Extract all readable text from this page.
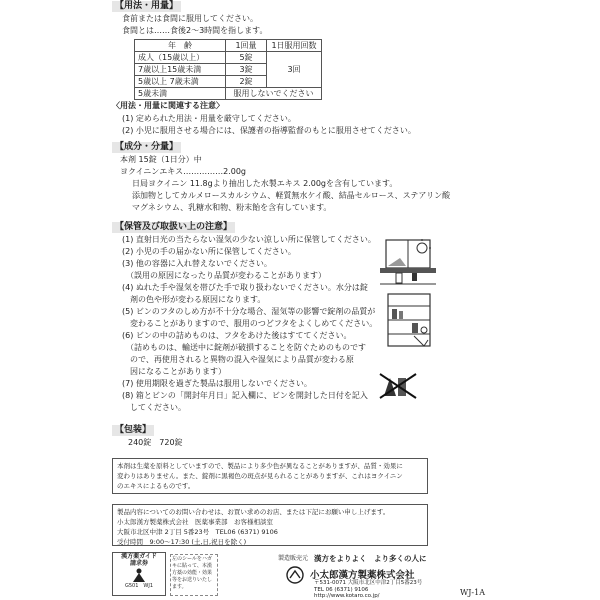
【用法・用量】
食前または食間に服用してください。
食間とは……食後2～3時間を指します。
年　齢	1回量	1日服用回数
成人（15歳以上）	5錠	3回
7歳以上15歳未満	3錠	
5歳以上 7歳未満	2錠	
5歳未満	服用しないでください	
〈用法・用量に関連する注意〉
(1) 定められた用法・用量を厳守してください。
(2) 小児に服用させる場合には、保護者の指導監督のもとに服用させてください。
【成分・分量】
本剤 15錠（1日分）中
ヨクイニンエキス……………2.00g
日局ヨクイニン 11.8gより抽出した水製エキス 2.00gを含有しています。
添加物としてカルメロースカルシウム、軽質無水ケイ酸、結晶セルロース、ステアリン酸
マグネシウム、乳糖水和物、粉末飴を含有しています。
【保管及び取扱い上の注意】
(1) 直射日光の当たらない湿気の少ない涼しい所に保管してください。
(2) 小児の手の届かない所に保管してください。
(3) 他の容器に入れ替えないでください。
　（誤用の原因になったり品質が変わることがあります）
(4) ぬれた手や湿気を帯びた手で取り扱わないでください。水分は錠
　剤の色や形が変わる原因になります。
(5) ビンのフタのしめ方が不十分な場合、湿気等の影響で錠剤の品質が
　変わることがありますので、服用のつどフタをよくしめてください。
(6) ビンの中の詰めものは、フタをあけた後はすててください。
　（詰めものは、輸送中に錠剤が破損することを防ぐためのものです
　ので、再使用されると異物の混入や湿気により品質が変わる原
　因になることがあります）
(7) 使用期限を過ぎた製品は服用しないでください。
(8) 箱とビンの「開封年月日」記入欄に、ビンを開封した日付を記入
　してください。
【包装】
240錠　720錠
本剤は生薬を原料としていますので、製品により多少色が異なることがありますが、品質・効果に
変わりはありません。また、錠剤に黒褐色の斑点が見られることがありますが、これはヨクイニン
のエキスによるものです。
製品内容についてのお問い合わせは、お買い求めのお店、または下記にお願い申し上げます。
小太郎漢方製薬株式会社　医薬事業部　お客様相談室
大阪市北区中津 2丁目 5番23号　TEL06 (6371) 9106
受付時間　9:00～17:30 (土,日,祝日を除く)
漢方薬ガイド
請求券
G501　WJ1
左のシールをハガキに貼って、本漢方薬の効能・効果等をお送りいたします。
製造販売元 漢方をよりよく　より多くの人に
小太郎漢方製薬株式会社
〒531-0071 大阪市北区中津2丁目5番23号
TEL 06 (6371) 9106
http://www.kotaro.co.jp/	WJ-1A
